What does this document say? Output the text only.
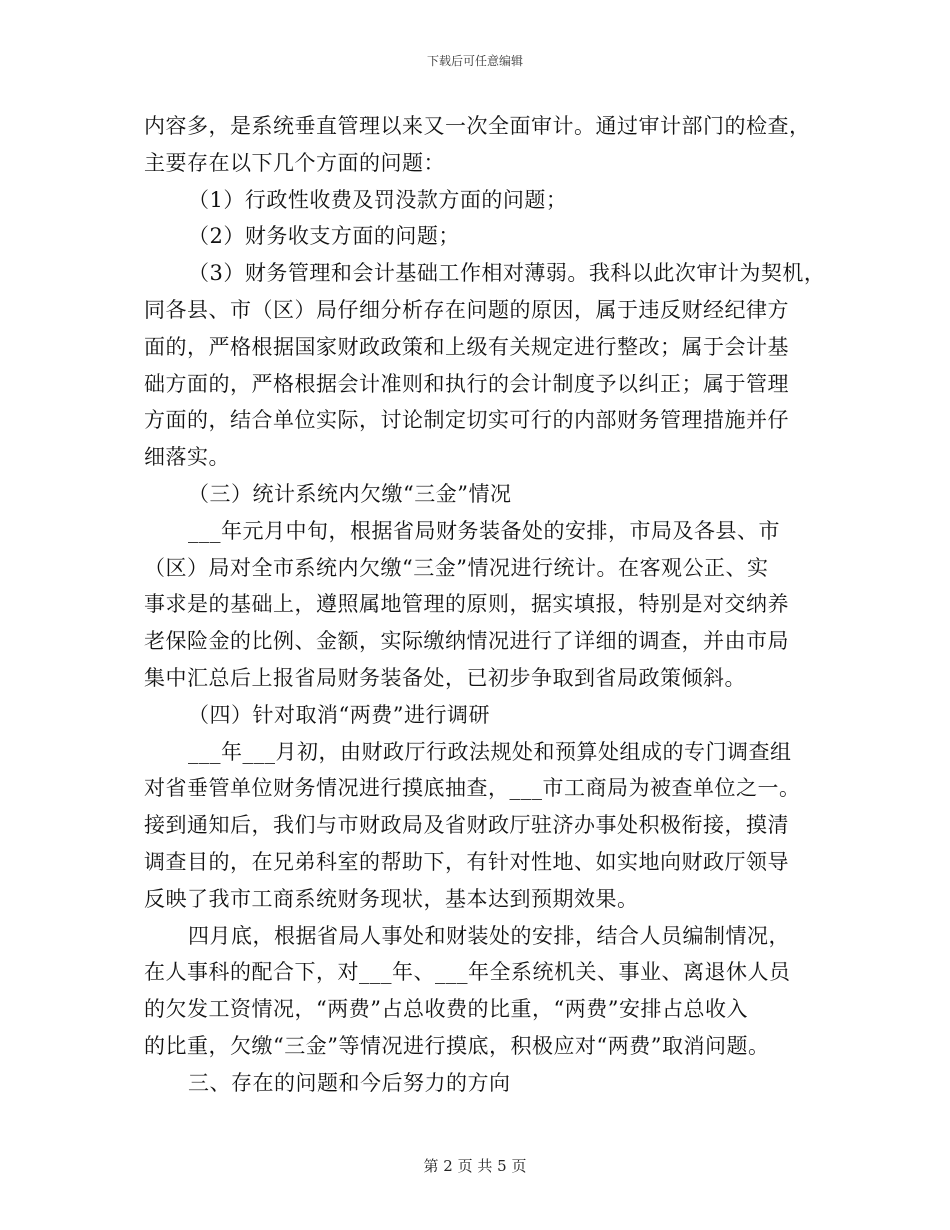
下载后可任意编辑
内容多，是系统垂直管理以来又一次全面审计。通过审计部门的检查，
主要存在以下几个方面的问题：
（1）行政性收费及罚没款方面的问题；
（2）财务收支方面的问题；
（3）财务管理和会计基础工作相对薄弱。我科以此次审计为契机，
同各县、市（区）局仔细分析存在问题的原因，属于违反财经纪律方
面的，严格根据国家财政政策和上级有关规定进行整改；属于会计基
础方面的，严格根据会计准则和执行的会计制度予以纠正；属于管理
方面的，结合单位实际，讨论制定切实可行的内部财务管理措施并仔
细落实。
（三）统计系统内欠缴“三金”情况
___年元月中旬，根据省局财务装备处的安排，市局及各县、市
（区）局对全市系统内欠缴“三金”情况进行统计。在客观公正、实
事求是的基础上，遵照属地管理的原则，据实填报，特别是对交纳养
老保险金的比例、金额，实际缴纳情况进行了详细的调查，并由市局
集中汇总后上报省局财务装备处，已初步争取到省局政策倾斜。
（四）针对取消“两费”进行调研
___年___月初，由财政厅行政法规处和预算处组成的专门调查组
对省垂管单位财务情况进行摸底抽查，___市工商局为被查单位之一。
接到通知后，我们与市财政局及省财政厅驻济办事处积极衔接，摸清
调查目的，在兄弟科室的帮助下，有针对性地、如实地向财政厅领导
反映了我市工商系统财务现状，基本达到预期效果。
四月底，根据省局人事处和财装处的安排，结合人员编制情况，
在人事科的配合下，对___年、___年全系统机关、事业、离退休人员
的欠发工资情况，“两费”占总收费的比重，“两费”安排占总收入
的比重，欠缴“三金”等情况进行摸底，积极应对“两费”取消问题。
三、存在的问题和今后努力的方向
第 2 页 共 5 页
